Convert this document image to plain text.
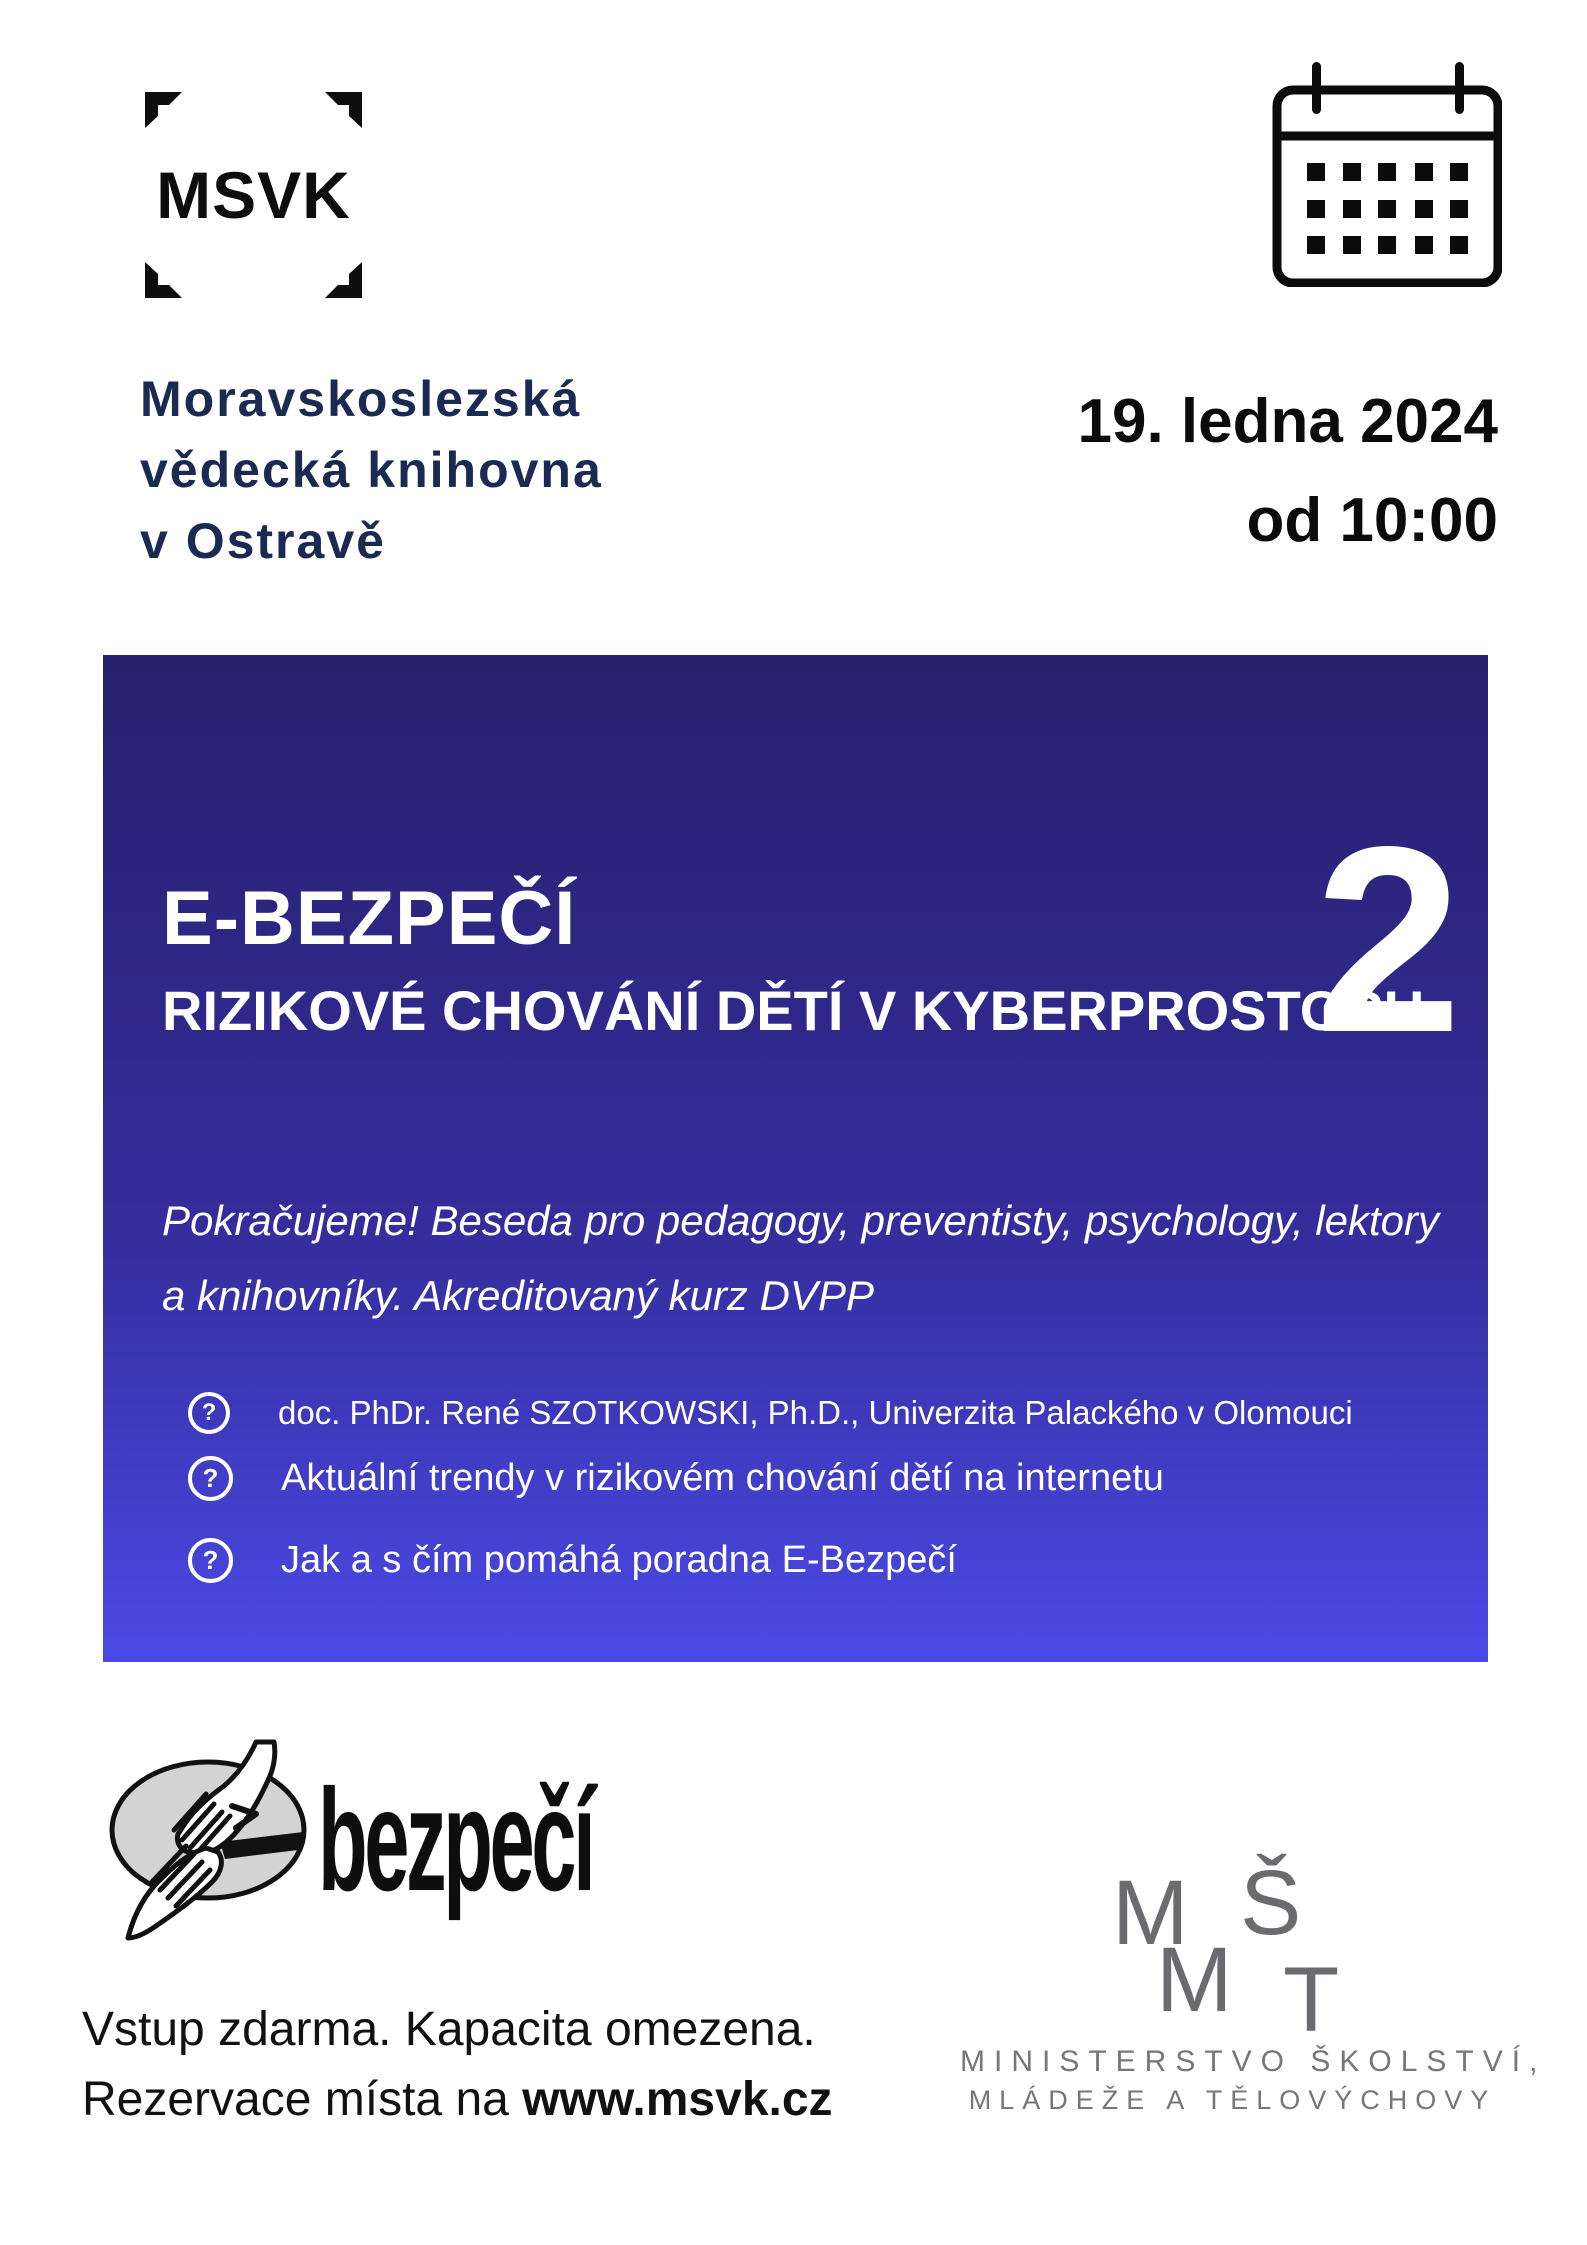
MSVK
Moravskoslezská
vědecká knihovna
v Ostravě
19. ledna 2024
od 10:00
E-BEZPEČÍ
RIZIKOVÉ CHOVÁNÍ DĚTÍ V KYBERPROSTORU
2
Pokračujeme! Beseda pro pedagogy, preventisty, psychology, lektory
a knihovníky. Akreditovaný kurz DVPP
?	doc. PhDr. René SZOTKOWSKI, Ph.D., Univerzita Palackého v Olomouci
?	Aktuální trendy v rizikovém chování dětí na internetu
?	Jak a s čím pomáhá poradna E-Bezpečí
bezpečí	M Š
M T
MINISTERSTVO ŠKOLSTVÍ,
MLÁDEŽE A TĚLOVÝCHOVY
Vstup zdarma. Kapacita omezena.
Rezervace místa na www.msvk.cz
